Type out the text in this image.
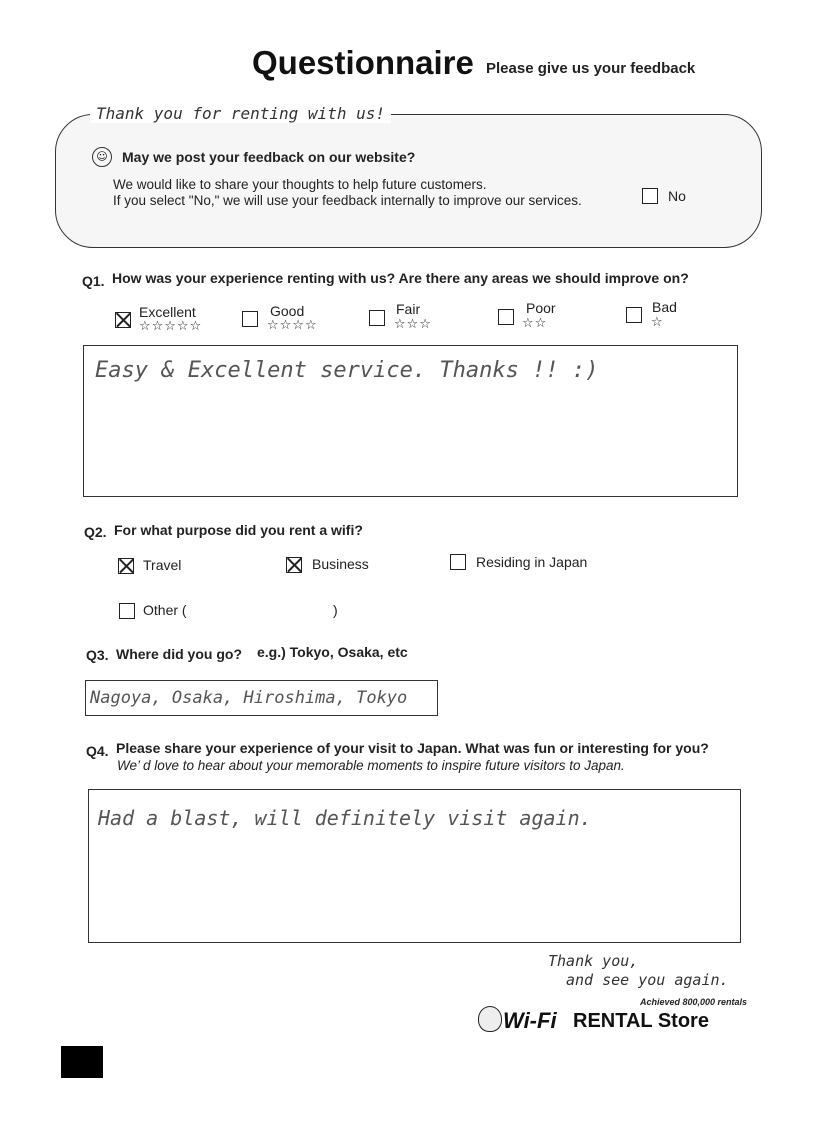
Questionnaire Please give us your feedback
Thank you for renting with us!
☺	May we post your feedback on our website?
We would like to share your thoughts to help future customers.
If you select "No," we will use your feedback internally to improve our services.	No
Q1. How was your experience renting with us? Are there any areas we should improve on?
Excellent
☆☆☆☆☆
Good
☆☆☆☆
Fair
☆☆☆
Poor
☆☆
Bad
☆
Easy & Excellent service. Thanks !! :)
Q2. For what purpose did you rent a wifi?
Travel	Business	Residing in Japan
Other (	)
Q3. Where did you go? e.g.) Tokyo, Osaka, etc
Nagoya, Osaka, Hiroshima, Tokyo
Q4. Please share your experience of your visit to Japan. What was fun or interesting for you?
We’ d love to hear about your memorable moments to inspire future visitors to Japan.
Had a blast, will definitely visit again.
Thank you,
and see you again.
Achieved 800,000 rentals
Wi-Fi RENTAL Store
